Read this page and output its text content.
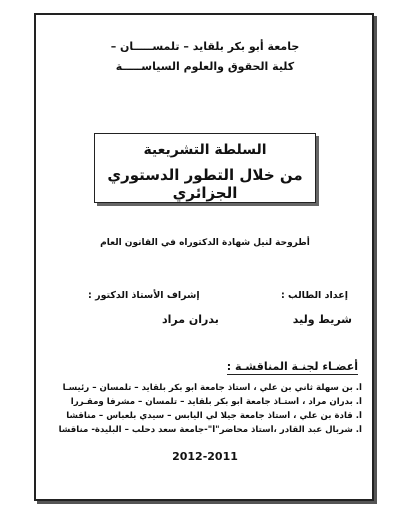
جامعة أبو بكر بلقايد – تلمســـــان –
كلية الحقوق والعلوم السياســـــة
السلطة التشريعية
من خلال التطور الدستوري الجزائري
أطروحة لنيل شهادة الدكتوراه في القانون العام
إعداد الطالب :
إشراف الأستاذ الدكتور :
شريط وليد
بدران مراد
أعضـاء لجنـة المناقشـة :
أ. بن سهلة ثاني بن علي ، أستاذ جامعة أبو بكر بلقايد – تلمسان – رئيسـا
أ. بدران مراد ، أستـاذ جامعة أبو بكر بلقايد – تلمسان – مشرفا ومقـررا
أ. قادة بن علي ، أستاذ جامعة جيلا لي اليابس – سيدي بلعباس – مناقشا
أ. شربال عبد القادر ،أستاذ محاضر"أ"-جامعة سعد دحلب – البليدة- مناقشا
2012-2011
